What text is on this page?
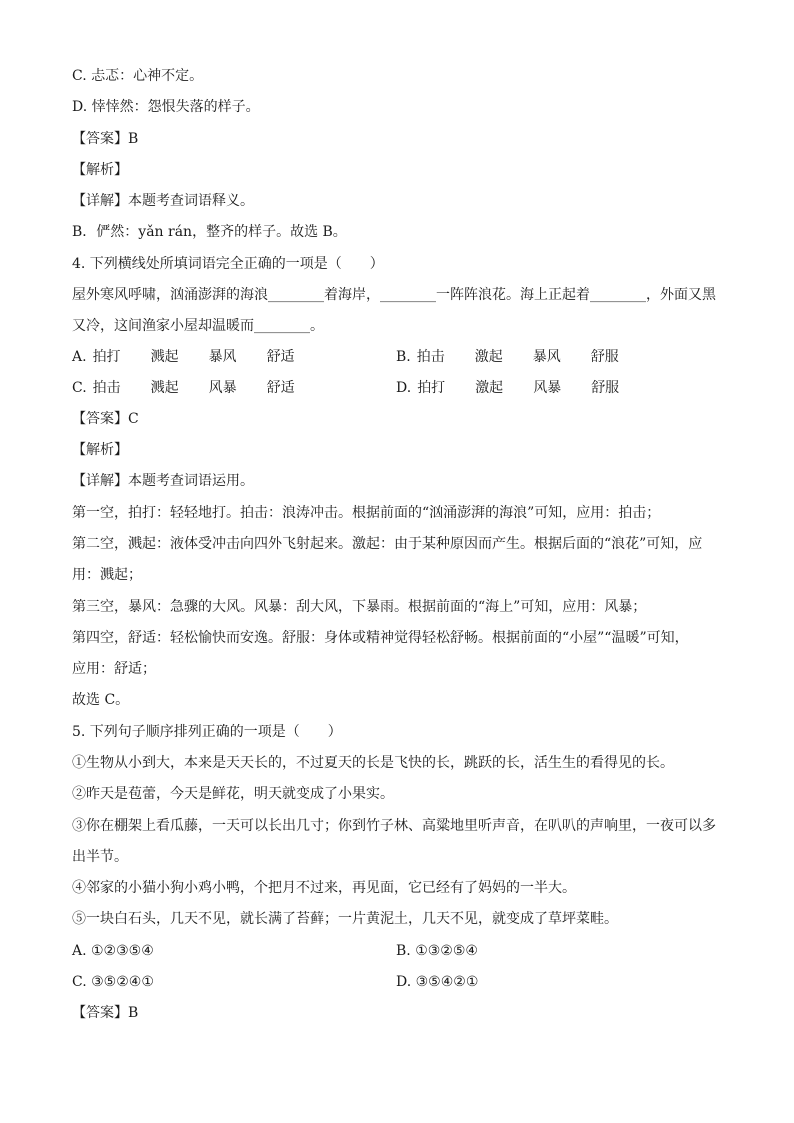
C. 忐忑：心神不定。
D. 悻悻然：怨恨失落的样子。
【答案】B
【解析】
【详解】本题考查词语释义。
B．俨然：yǎn rán，整齐的样子。故选 B。
4. 下列横线处所填词语完全正确的一项是（　　）
屋外寒风呼啸，汹涌澎湃的海浪________着海岸，________一阵阵浪花。海上正起着________，外面又黑
又冷，这间渔家小屋却温暖而________。
A. 拍打 溅起 暴风 舒适	B. 拍击 激起 暴风 舒服
C. 拍击 溅起 风暴 舒适	D. 拍打 激起 风暴 舒服
【答案】C
【解析】
【详解】本题考查词语运用。
第一空，拍打：轻轻地打。拍击：浪涛冲击。根据前面的“汹涌澎湃的海浪”可知，应用：拍击；
第二空，溅起：液体受冲击向四外飞射起来。激起：由于某种原因而产生。根据后面的“浪花”可知，应
用：溅起；
第三空，暴风：急骤的大风。风暴：刮大风，下暴雨。根据前面的“海上”可知，应用：风暴；
第四空，舒适：轻松愉快而安逸。舒服：身体或精神觉得轻松舒畅。根据前面的“小屋”“温暖”可知，
应用：舒适；
故选 C。
5. 下列句子顺序排列正确的一项是（　　）
①生物从小到大，本来是天天长的，不过夏天的长是飞快的长，跳跃的长，活生生的看得见的长。
②昨天是苞蕾，今天是鲜花，明天就变成了小果实。
③你在棚架上看瓜藤，一天可以长出几寸；你到竹子林、高粱地里听声音，在叭叭的声响里，一夜可以多
出半节。
④邻家的小猫小狗小鸡小鸭，个把月不过来，再见面，它已经有了妈妈的一半大。
⑤一块白石头，几天不见，就长满了苔藓；一片黄泥土，几天不见，就变成了草坪菜畦。
A. ①②③⑤④	B. ①③②⑤④
C. ③⑤②④①	D. ③⑤④②①
【答案】B
